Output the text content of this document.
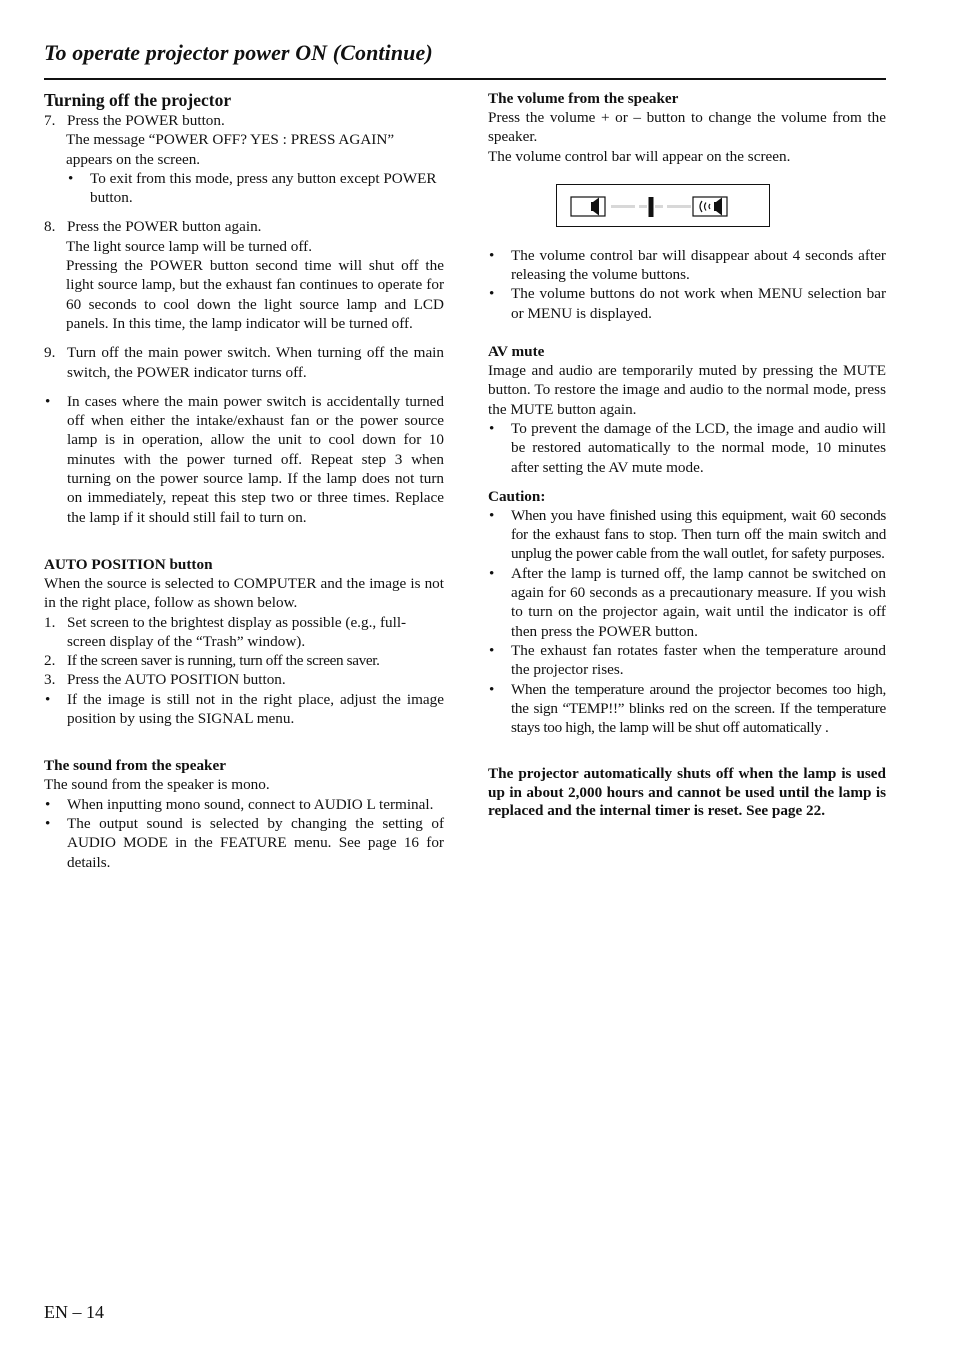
To operate projector power ON (Continue)
Turning off the projector
7. Press the POWER button.

The message “POWER OFF? YES : PRESS AGAIN” appears on the screen.

•	To exit from this mode, press any button except POWER button.
8. Press the POWER button again.

The light source lamp will be turned off.

Pressing the POWER button second time will shut off the light source lamp, but the exhaust fan continues to operate for 60 seconds to cool down the light source lamp and LCD panels. In this time, the lamp indicator will be turned off.

9. Turn off the main power switch. When turning off the main switch, the POWER indicator turns off.
•	In cases where the main power switch is accidentally turned off when either the intake/exhaust fan or the power source lamp is in operation, allow the unit to cool down for 10 minutes with the power turned off. Repeat step 3 when turning on the power source lamp. If the lamp does not turn on immediately, repeat this step two or three times. Replace the lamp if it should still fail to turn on.
AUTO POSITION button

When the source is selected to COMPUTER and the image is not in the right place, follow as shown below.

1. Set screen to the brightest display as possible (e.g., full-screen display of the “Trash” window).
2. If the screen saver is running, turn off the screen saver.
3. Press the AUTO POSITION button.
•	If the image is still not in the right place, adjust the image position by using the SIGNAL menu.
The sound from the speaker

The sound from the speaker is mono.

•	When inputting mono sound, connect to AUDIO L terminal.
•	The output sound is selected by changing the setting of AUDIO MODE in the FEATURE menu. See page 16 for details.
The volume from the speaker

Press the volume + or – button to change the volume from the speaker.

The volume control bar will appear on the screen.

•	The volume control bar will disappear about 4 seconds after releasing the volume buttons.
•	The volume buttons do not work when MENU selection bar or MENU is displayed.
AV mute

Image and audio are temporarily muted by pressing the MUTE button. To restore the image and audio to the normal mode, press the MUTE button again.

•	To prevent the damage of the LCD, the image and audio will be restored automatically to the normal mode, 10 minutes after setting the AV mute mode.
Caution:
•	When you have finished using this equipment, wait 60 seconds for the exhaust fans to stop. Then turn off the main switch and unplug the power cable from the wall outlet, for safety purposes.
•	After the lamp is turned off, the lamp cannot be switched on again for 60 seconds as a precautionary measure. If you wish to turn on the projector again, wait until the indicator is off then press the POWER button.
•	The exhaust fan rotates faster when the temperature around the projector rises.
•	When the temperature around the projector becomes too high, the sign “TEMP!!” blinks red on the screen. If the temperature stays too high, the lamp will be shut off automatically .

The projector automatically shuts off when the lamp is used up in about 2,000 hours and cannot be used until the lamp is replaced and the internal timer is reset. See page 22.

EN – 14
